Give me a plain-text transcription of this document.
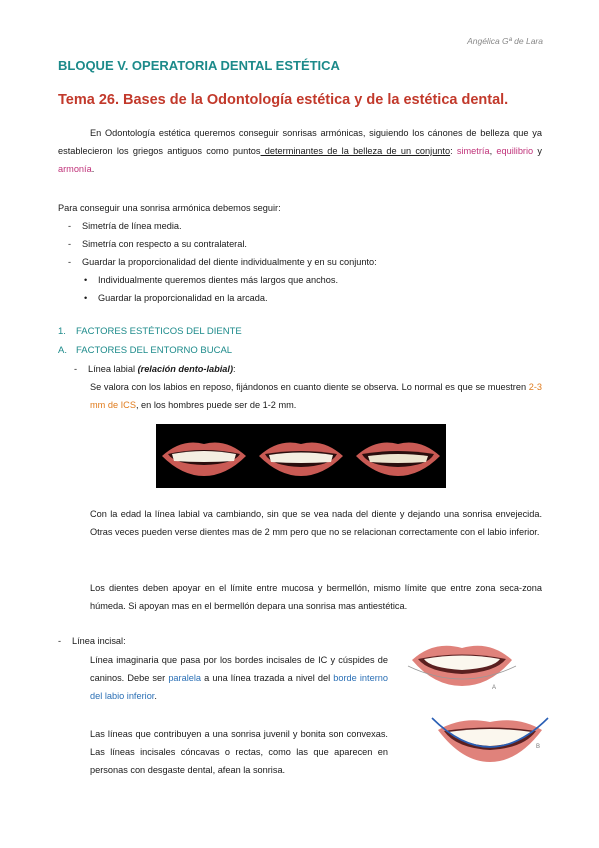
Angélica Gª de Lara
BLOQUE V. OPERATORIA DENTAL ESTÉTICA
Tema 26. Bases de la Odontología estética y de la estética dental.
En Odontología estética queremos conseguir sonrisas armónicas, siguiendo los cánones de belleza que ya establecieron los griegos antiguos como puntos determinantes de la belleza de un conjunto: simetría, equilibrio y armonía.
Para conseguir una sonrisa armónica debemos seguir:
- Simetría de línea media.
- Simetría con respecto a su contralateral.
- Guardar la proporcionalidad del diente individualmente y en su conjunto:
• Individualmente queremos dientes más largos que anchos.
• Guardar la proporcionalidad en la arcada.
1. FACTORES ESTÉTICOS DEL DIENTE
A. FACTORES DEL ENTORNO BUCAL
- Línea labial (relación dento-labial):
Se valora con los labios en reposo, fijándonos en cuanto diente se observa. Lo normal es que se muestren 2-3 mm de ICS, en los hombres puede ser de 1-2 mm.
Con la edad la línea labial va cambiando, sin que se vea nada del diente y dejando una sonrisa envejecida. Otras veces pueden verse dientes mas de 2 mm pero que no se relacionan correctamente con el labio inferior.
Los dientes deben apoyar en el límite entre mucosa y bermellón, mismo límite que entre zona seca-zona húmeda. Si apoyan mas en el bermellón depara una sonrisa mas antiestética.
- Línea incisal:
Línea imaginaria que pasa por los bordes incisales de IC y cúspides de caninos. Debe ser paralela a una línea trazada a nivel del borde interno del labio inferior.
Las líneas que contribuyen a una sonrisa juvenil y bonita son convexas. Las líneas incisales cóncavas o rectas, como las que aparecen en personas con desgaste dental, afean la sonrisa.
A
B
